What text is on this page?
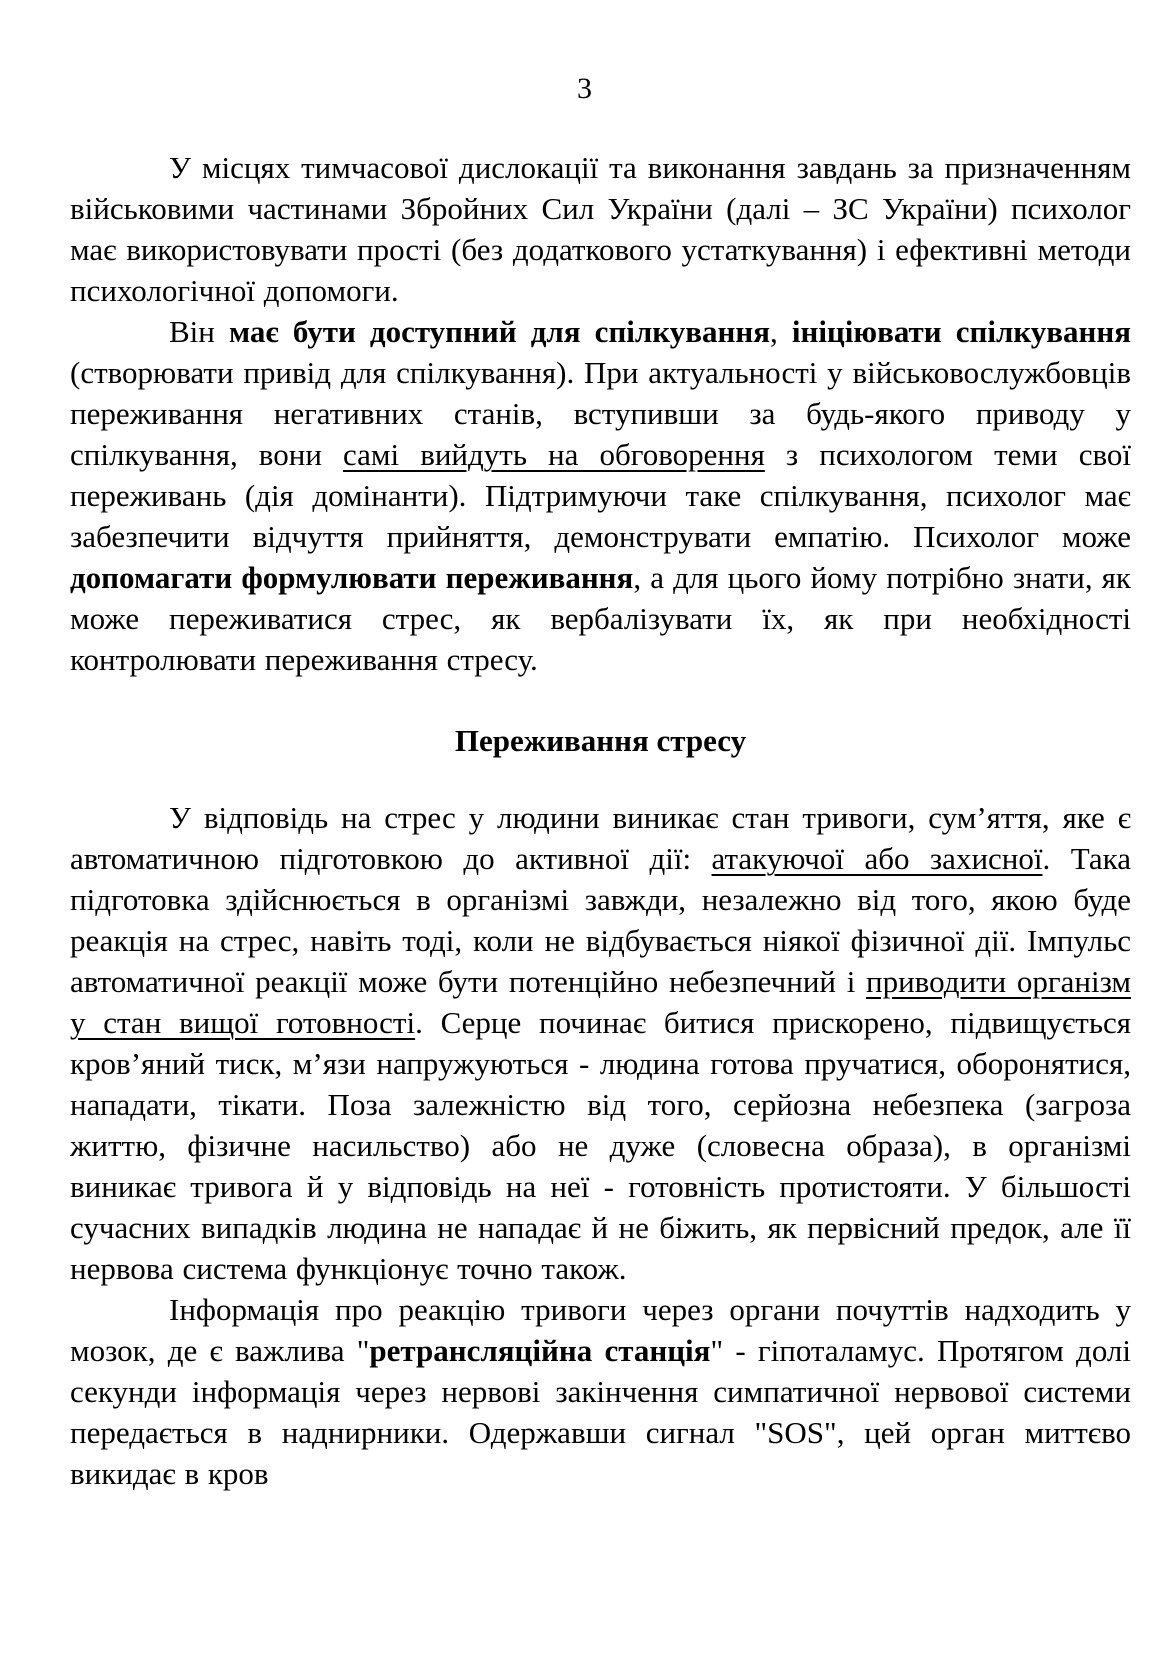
3

У місцях тимчасової дислокації та виконання завдань за призначенням військовими частинами Збройних Сил України (далі – ЗС України) психолог має використовувати прості (без додаткового устаткування) і ефективні методи психологічної допомоги.

Він має бути доступний для спілкування, ініціювати спілкування (створювати привід для спілкування). При актуальності у військовослужбовців переживання негативних станів, вступивши за будь-якого приводу у спілкування, вони самі вийдуть на обговорення з психологом теми свої переживань (дія домінанти). Підтримуючи таке спілкування, психолог має забезпечити відчуття прийняття, демонструвати емпатію. Психолог може допомагати формулювати переживання, а для цього йому потрібно знати, як може переживатися стрес, як вербалізувати їх, як при необхідності контролювати переживання стресу.

Переживання стресу

У відповідь на стрес у людини виникає стан тривоги, сум’яття, яке є автоматичною підготовкою до активної дії: атакуючої або захисної. Така підготовка здійснюється в організмі завжди, незалежно від того, якою буде реакція на стрес, навіть тоді, коли не відбувається ніякої фізичної дії. Імпульс автоматичної реакції може бути потенційно небезпечний і приводити організм у стан вищої готовності. Серце починає битися прискорено, підвищується кров’яний тиск, м’язи напружуються - людина готова пручатися, оборонятися, нападати, тікати. Поза залежністю від того, серйозна небезпека (загроза життю, фізичне насильство) або не дуже (словесна образа), в організмі виникає тривога й у відповідь на неї - готовність протистояти. У більшості сучасних випадків людина не нападає й не біжить, як первісний предок, але її нервова система функціонує точно також.

Інформація про реакцію тривоги через органи почуттів надходить у мозок, де є важлива "ретрансляційна станція" - гіпоталамус. Протягом долі секунди інформація через нервові закінчення симпатичної нервової системи передається в наднирники. Одержавши сигнал "SOS", цей орган миттєво викидає в кров
